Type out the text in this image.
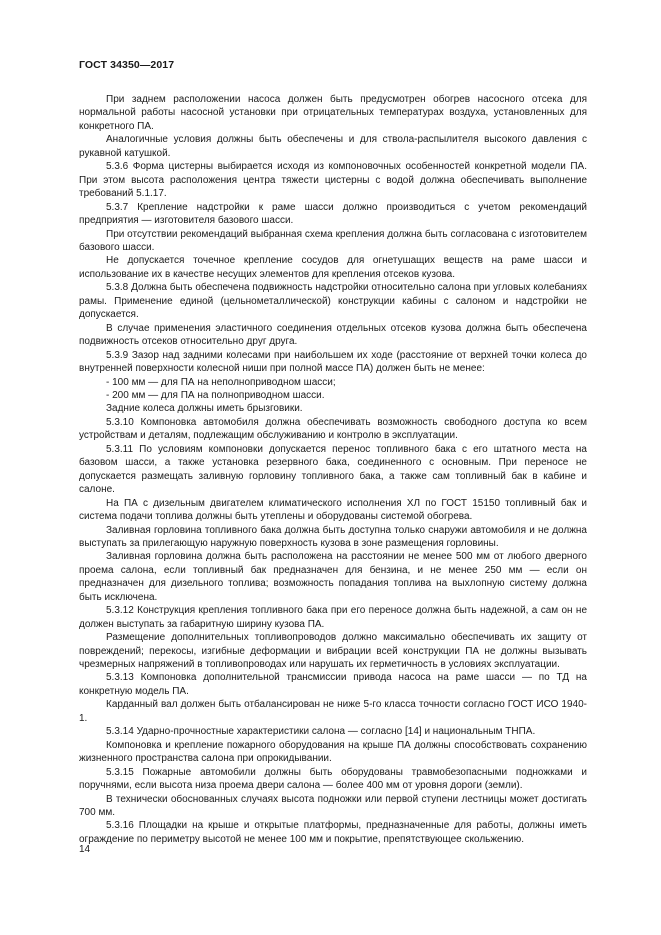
ГОСТ 34350—2017

При заднем расположении насоса должен быть предусмотрен обогрев насосного отсека для нормальной работы насосной установки при отрицательных температурах воздуха, установленных для конкретного ПА.

Аналогичные условия должны быть обеспечены и для ствола-распылителя высокого давления с рукавной катушкой.

5.3.6 Форма цистерны выбирается исходя из компоновочных особенностей конкретной модели ПА. При этом высота расположения центра тяжести цистерны с водой должна обеспечивать выполнение требований 5.1.17.

5.3.7 Крепление надстройки к раме шасси должно производиться с учетом рекомендаций предприятия — изготовителя базового шасси.

При отсутствии рекомендаций выбранная схема крепления должна быть согласована с изготовителем базового шасси.

Не допускается точечное крепление сосудов для огнетушащих веществ на раме шасси и использование их в качестве несущих элементов для крепления отсеков кузова.

5.3.8 Должна быть обеспечена подвижность надстройки относительно салона при угловых колебаниях рамы. Применение единой (цельнометаллической) конструкции кабины с салоном и надстройки не допускается.

В случае применения эластичного соединения отдельных отсеков кузова должна быть обеспечена подвижность отсеков относительно друг друга.

5.3.9 Зазор над задними колесами при наибольшем их ходе (расстояние от верхней точки колеса до внутренней поверхности колесной ниши при полной массе ПА) должен быть не менее:

- 100 мм — для ПА на неполноприводном шасси;

- 200 мм — для ПА на полноприводном шасси.

Задние колеса должны иметь брызговики.

5.3.10 Компоновка автомобиля должна обеспечивать возможность свободного доступа ко всем устройствам и деталям, подлежащим обслуживанию и контролю в эксплуатации.

5.3.11 По условиям компоновки допускается перенос топливного бака с его штатного места на базовом шасси, а также установка резервного бака, соединенного с основным. При переносе не допускается размещать заливную горловину топливного бака, а также сам топливный бак в кабине и салоне.

На ПА с дизельным двигателем климатического исполнения ХЛ по ГОСТ 15150 топливный бак и система подачи топлива должны быть утеплены и оборудованы системой обогрева.

Заливная горловина топливного бака должна быть доступна только снаружи автомобиля и не должна выступать за прилегающую наружную поверхность кузова в зоне размещения горловины.

Заливная горловина должна быть расположена на расстоянии не менее 500 мм от любого дверного проема салона, если топливный бак предназначен для бензина, и не менее 250 мм — если он предназначен для дизельного топлива; возможность попадания топлива на выхлопную систему должна быть исключена.

5.3.12 Конструкция крепления топливного бака при его переносе должна быть надежной, а сам он не должен выступать за габаритную ширину кузова ПА.

Размещение дополнительных топливопроводов должно максимально обеспечивать их защиту от повреждений; перекосы, изгибные деформации и вибрации всей конструкции ПА не должны вызывать чрезмерных напряжений в топливопроводах или нарушать их герметичность в условиях эксплуатации.

5.3.13 Компоновка дополнительной трансмиссии привода насоса на раме шасси — по ТД на конкретную модель ПА.

Карданный вал должен быть отбалансирован не ниже 5-го класса точности согласно ГОСТ ИСО 1940-1.

5.3.14 Ударно-прочностные характеристики салона — согласно [14] и национальным ТНПА.

Компоновка и крепление пожарного оборудования на крыше ПА должны способствовать сохранению жизненного пространства салона при опрокидывании.

5.3.15 Пожарные автомобили должны быть оборудованы травмобезопасными подножками и поручнями, если высота низа проема двери салона — более 400 мм от уровня дороги (земли).

В технически обоснованных случаях высота подножки или первой ступени лестницы может достигать 700 мм.

5.3.16 Площадки на крыше и открытые платформы, предназначенные для работы, должны иметь ограждение по периметру высотой не менее 100 мм и покрытие, препятствующее скольжению.

14
